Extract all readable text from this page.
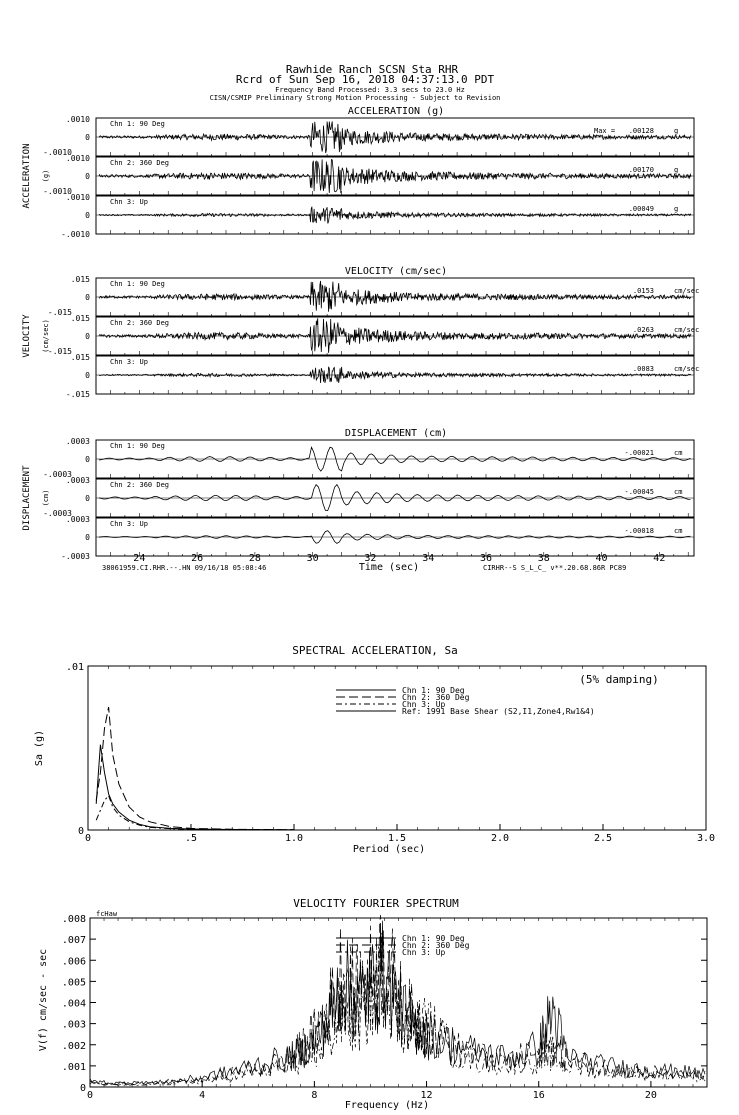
Rawhide Ranch SCSN Sta RHR
Rcrd of Sun Sep 16, 2018 04:37:13.0 PDT
Frequency Band Processed: 3.3 secs to 23.0 Hz
CISN/CSMIP Preliminary Strong Motion Processing - Subject to Revision
ACCELERATION (g)
ACCELERATION (g)
Chn 1: 90 Deg
.0010
0
Max = .00128	g
Chn 2: 360 Deg
.0010
0
-.0010
.00170	g
Chn 3: Up
.0010
0
-.0010
.00049	g
-.0010
VELOCITY (cm/sec)
VELOCITY (cm/sec)
Chn 1: 90 Deg
.015
0
.0153	cm/sec
Chn 2: 360 Deg
.015
0
-.015
.0263	cm/sec
Chn 3: Up
.015
0
-.015
.0083	cm/sec
-.015
DISPLACEMENT (cm)
DISPLACEMENT (cm)
Chn 1: 90 Deg
.0003
0
-.00021	cm
Chn 2: 360 Deg
.0003
0
-.0003
-.00045	cm
Chn 3: Up
.0003
0
-.0003
-.00018	cm
-.0003	24	26	28	30	32	34	36	38	40	42
Time (sec)
38061959.CI.RHR.--.HN 09/16/18 05:08:46	CIRHR--S S_L_C_ v**.20.68.86R PC89
0	.5	1.0	1.5	2.0	2.5	3.0
0
.01
Chn 1: 90 Deg
Chn 2: 360 Deg
Chn 3: Up
Ref: 1991 Base Shear (S2,I1,Zone4,Rw1&4)
SPECTRAL ACCELERATION, Sa
(5% damping)
Period (sec)
Sa (g)
0	4	8	12	16	20
0
.001
.002
.003
.004
.005
.006
.007
.008
Chn 1: 90 Deg
Chn 2: 360 Deg
Chn 3: Up
VELOCITY FOURIER SPECTRUM
fcHaw
Frequency (Hz)
V(f) cm/sec - sec
